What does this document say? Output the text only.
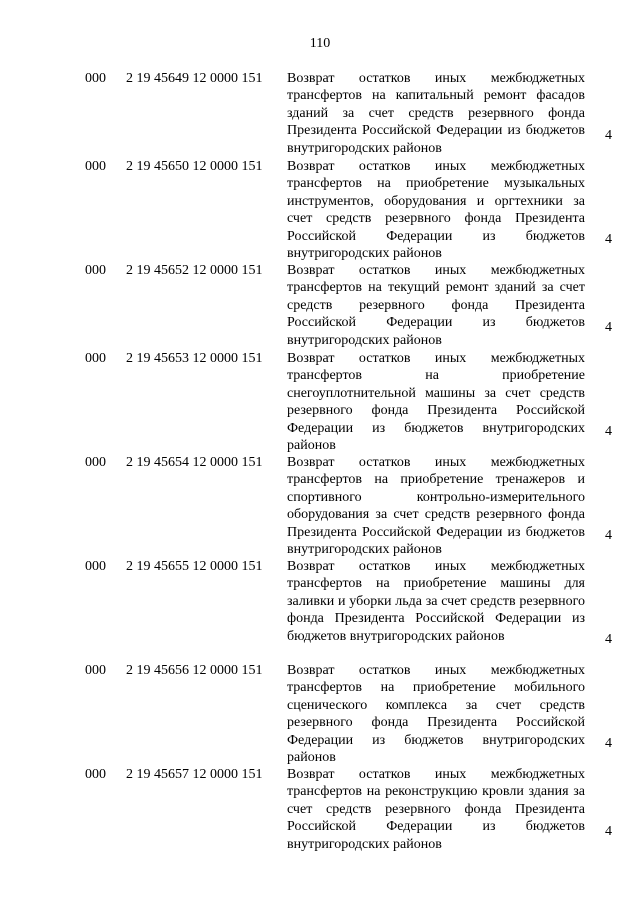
110
000 2 19 45649 12 0000 151 Возврат остатков иных межбюджетных трансфертов на капитальный ремонт фасадов зданий за счет средств резервного фонда Президента Российской Федерации из бюджетов внутригородских районов
4
000 2 19 45650 12 0000 151 Возврат остатков иных межбюджетных трансфертов на приобретение музыкальных инструментов, оборудования и оргтехники за счет средств резервного фонда Президента Российской Федерации из бюджетов внутригородских районов
4
000 2 19 45652 12 0000 151 Возврат остатков иных межбюджетных трансфертов на текущий ремонт зданий за счет средств резервного фонда Президента Российской Федерации из бюджетов внутригородских районов
4
000 2 19 45653 12 0000 151 Возврат остатков иных межбюджетных трансфертов на приобретение снегоуплотнительной машины за счет средств резервного фонда Президента Российской Федерации из бюджетов внутригородских районов
4
000 2 19 45654 12 0000 151 Возврат остатков иных межбюджетных трансфертов на приобретение тренажеров и спортивного контрольно-измерительного оборудования за счет средств резервного фонда Президента Российской Федерации из бюджетов внутригородских районов
4
000 2 19 45655 12 0000 151 Возврат остатков иных межбюджетных трансфертов на приобретение машины для заливки и уборки льда за счет средств резервного фонда Президента Российской Федерации из бюджетов внутригородских районов	4
000 2 19 45656 12 0000 151 Возврат остатков иных межбюджетных трансфертов на приобретение мобильного сценического комплекса за счет средств резервного фонда Президента Российской Федерации из бюджетов внутригородских районов
4
000 2 19 45657 12 0000 151 Возврат остатков иных межбюджетных трансфертов на реконструкцию кровли здания за счет средств резервного фонда Президента Российской Федерации из бюджетов внутригородских районов
4
